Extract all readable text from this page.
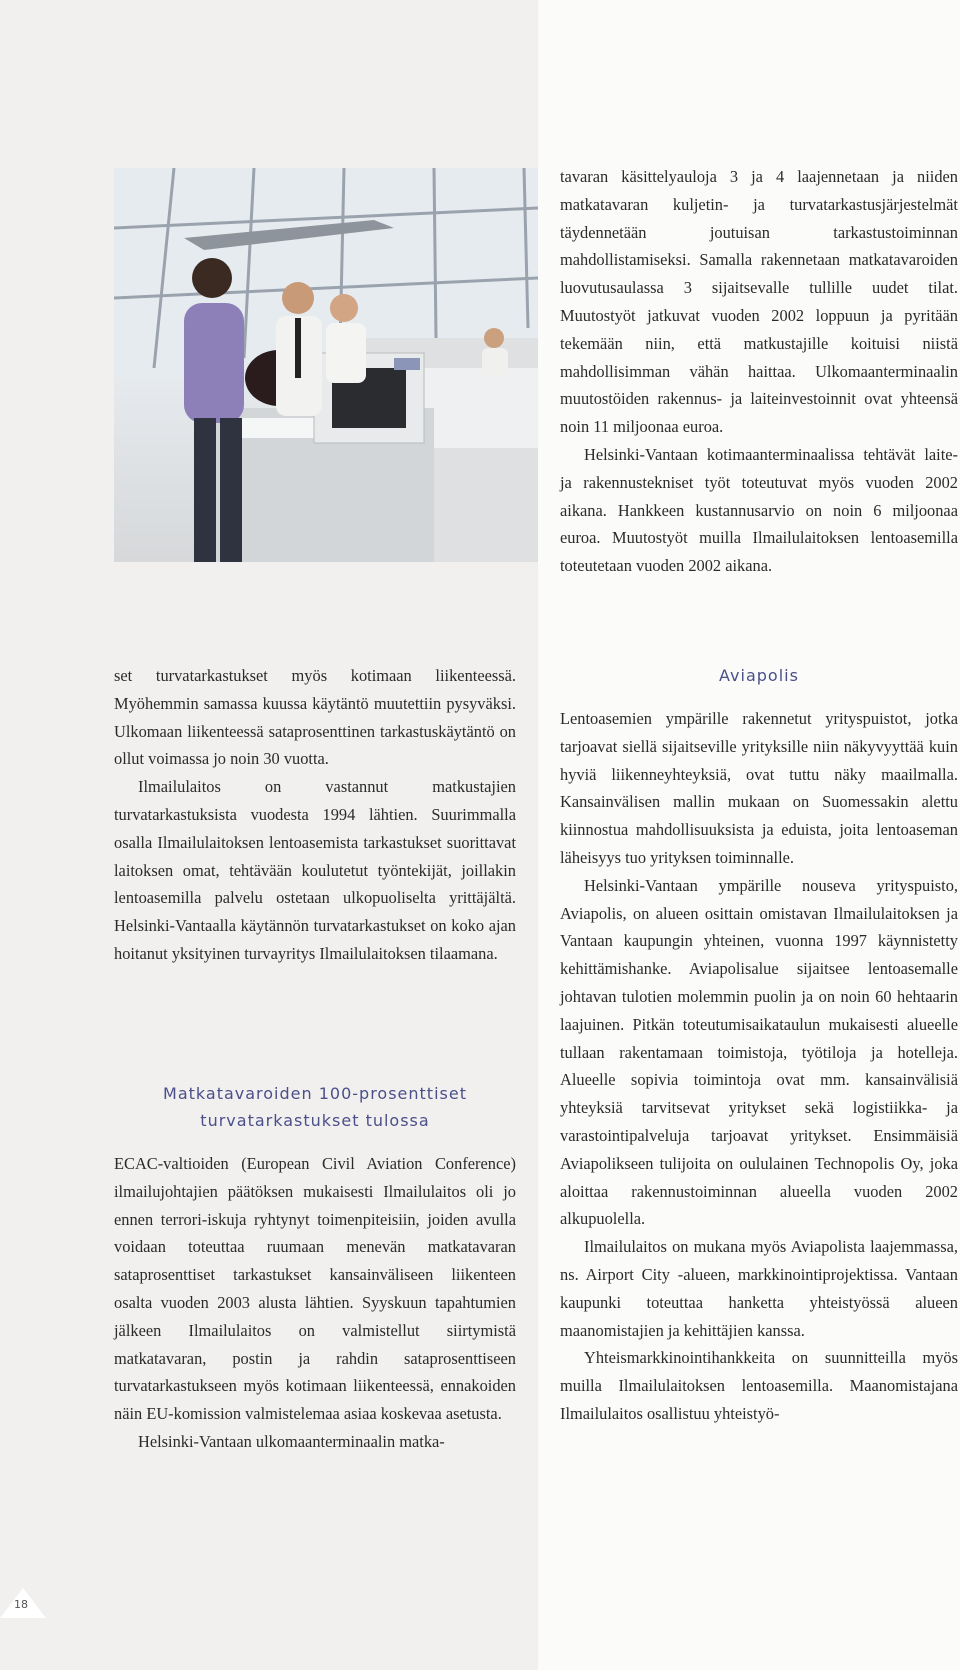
tavaran käsittelyauloja 3 ja 4 laajennetaan ja niiden matkatavaran kuljetin- ja turvatarkastusjärjestelmät täydennetään joutuisan tarkastustoiminnan mahdollistamiseksi. Samalla rakennetaan matkatavaroiden luovutusaulassa 3 sijaitsevalle tullille uudet tilat. Muutostyöt jatkuvat vuoden 2002 loppuun ja pyritään tekemään niin, että matkustajille koituisi niistä mahdollisimman vähän haittaa. Ulkomaanterminaalin muutostöiden rakennus- ja laiteinvestoinnit ovat yhteensä noin 11 miljoonaa euroa.

Helsinki-Vantaan kotimaanterminaalissa tehtävät laite- ja rakennustekniset työt toteutuvat myös vuoden 2002 aikana. Hankkeen kustannusarvio on noin 6 miljoonaa euroa. Muutostyöt muilla Ilmailulaitoksen lentoasemilla toteutetaan vuoden 2002 aikana.

set turvatarkastukset myös kotimaan liikenteessä. Myöhemmin samassa kuussa käytäntö muutettiin pysyväksi. Ulkomaan liikenteessä sataprosenttinen tarkastuskäytäntö on ollut voimassa jo noin 30 vuotta.

Ilmailulaitos on vastannut matkustajien turvatarkastuksista vuodesta 1994 lähtien. Suurimmalla osalla Ilmailulaitoksen lentoasemista tarkastukset suorittavat laitoksen omat, tehtävään koulutetut työntekijät, joillakin lentoasemilla palvelu ostetaan ulkopuoliselta yrittäjältä. Helsinki-Vantaalla käytännön turvatarkastukset on koko ajan hoitanut yksityinen turvayritys Ilmailulaitoksen tilaamana.

Matkatavaroiden 100-prosenttiset

turvatarkastukset tulossa

ECAC-valtioiden (European Civil Aviation Conference) ilmailujohtajien päätöksen mukaisesti Ilmailulaitos oli jo ennen terrori-iskuja ryhtynyt toimenpiteisiin, joiden avulla voidaan toteuttaa ruumaan menevän matkatavaran sataprosenttiset tarkastukset kansainväliseen liikenteen osalta vuoden 2003 alusta lähtien. Syyskuun tapahtumien jälkeen Ilmailulaitos on valmistellut siirtymistä matkatavaran, postin ja rahdin sataprosenttiseen turvatarkastukseen myös kotimaan liikenteessä, ennakoiden näin EU-komission valmistelemaa asiaa koskevaa asetusta.

Helsinki-Vantaan ulkomaanterminaalin matka-

Aviapolis

Lentoasemien ympärille rakennetut yrityspuistot, jotka tarjoavat siellä sijaitseville yrityksille niin näkyvyyttää kuin hyviä liikenneyhteyksiä, ovat tuttu näky maailmalla. Kansainvälisen mallin mukaan on Suomessakin alettu kiinnostua mahdollisuuksista ja eduista, joita lentoaseman läheisyys tuo yrityksen toiminnalle.

Helsinki-Vantaan ympärille nouseva yrityspuisto, Aviapolis, on alueen osittain omistavan Ilmailulaitoksen ja Vantaan kaupungin yhteinen, vuonna 1997 käynnistetty kehittämishanke. Aviapolisalue sijaitsee lentoasemalle johtavan tulotien molemmin puolin ja on noin 60 hehtaarin laajuinen. Pitkän toteutumisaikataulun mukaisesti alueelle tullaan rakentamaan toimistoja, työtiloja ja hotelleja. Alueelle sopivia toimintoja ovat mm. kansainvälisiä yhteyksiä tarvitsevat yritykset sekä logistiikka- ja varastointipalveluja tarjoavat yritykset. Ensimmäisiä Aviapolikseen tulijoita on oululainen Technopolis Oy, joka aloittaa rakennustoiminnan alueella vuoden 2002 alkupuolella.

Ilmailulaitos on mukana myös Aviapolista laajemmassa, ns. Airport City -alueen, markkinointiprojektissa. Vantaan kaupunki toteuttaa hanketta yhteistyössä alueen maanomistajien ja kehittäjien kanssa.

Yhteismarkkinointihankkeita on suunnitteilla myös muilla Ilmailulaitoksen lentoasemilla. Maanomistajana Ilmailulaitos osallistuu yhteistyö-

18
